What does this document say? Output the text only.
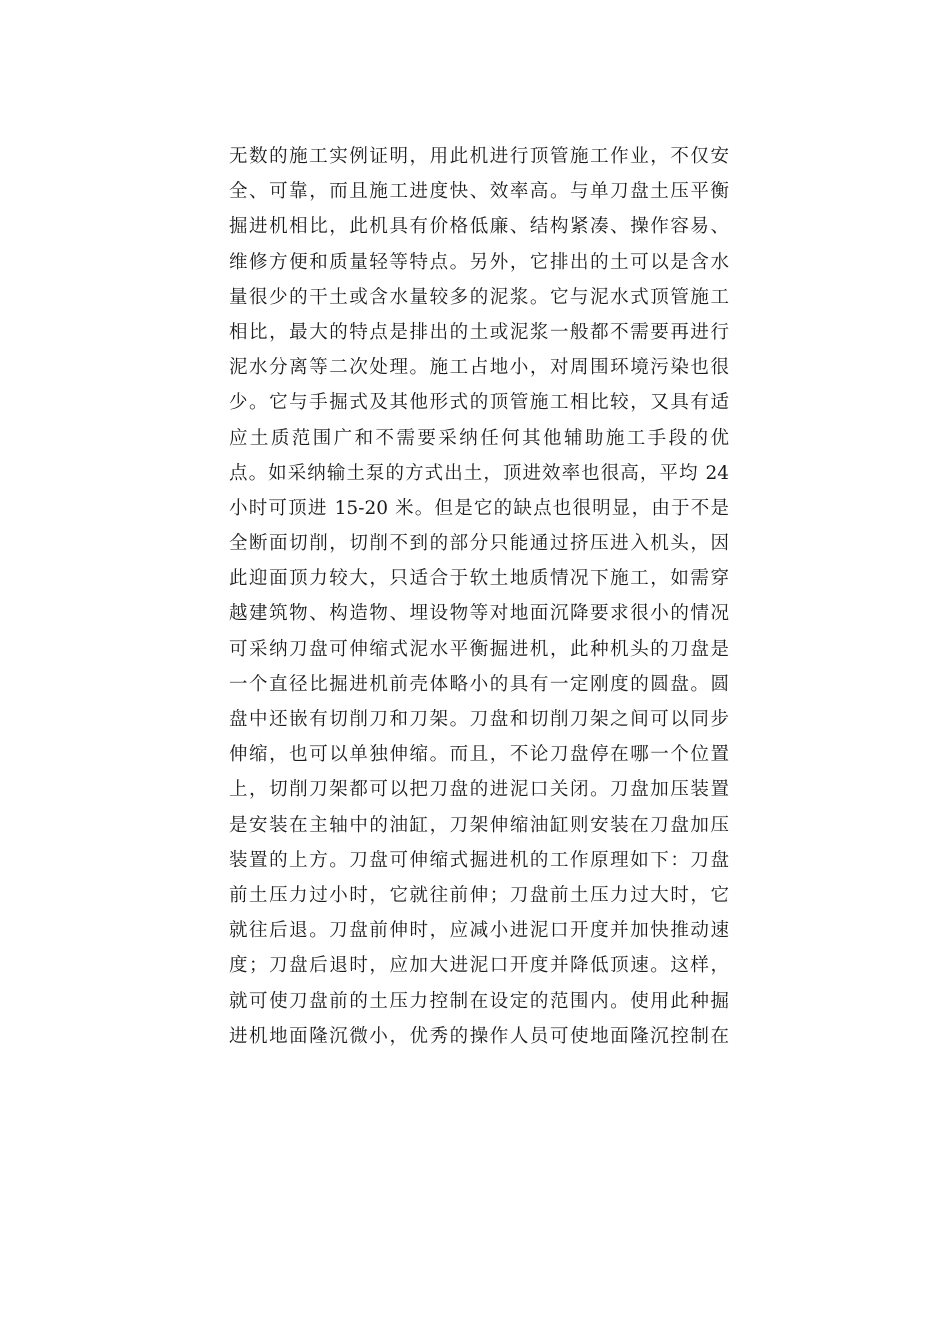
无数的施工实例证明，用此机进行顶管施工作业，不仅安
全、可靠，而且施工进度快、效率高。与单刀盘土压平衡
掘进机相比，此机具有价格低廉、结构紧凑、操作容易、
维修方便和质量轻等特点。另外，它排出的土可以是含水
量很少的干土或含水量较多的泥浆。它与泥水式顶管施工
相比，最大的特点是排出的土或泥浆一般都不需要再进行
泥水分离等二次处理。施工占地小，对周围环境污染也很
少。它与手掘式及其他形式的顶管施工相比较，又具有适
应土质范围广和不需要采纳任何其他辅助施工手段的优
点。如采纳输土泵的方式出土，顶进效率也很高，平均 24
小时可顶进 15-20 米。但是它的缺点也很明显，由于不是
全断面切削，切削不到的部分只能通过挤压进入机头，因
此迎面顶力较大，只适合于软土地质情况下施工，如需穿
越建筑物、构造物、埋设物等对地面沉降要求很小的情况
可采纳刀盘可伸缩式泥水平衡掘进机，此种机头的刀盘是
一个直径比掘进机前壳体略小的具有一定刚度的圆盘。圆
盘中还嵌有切削刀和刀架。刀盘和切削刀架之间可以同步
伸缩，也可以单独伸缩。而且，不论刀盘停在哪一个位置
上，切削刀架都可以把刀盘的进泥口关闭。刀盘加压装置
是安装在主轴中的油缸，刀架伸缩油缸则安装在刀盘加压
装置的上方。刀盘可伸缩式掘进机的工作原理如下：刀盘
前土压力过小时，它就往前伸；刀盘前土压力过大时，它
就往后退。刀盘前伸时，应减小进泥口开度并加快推动速
度；刀盘后退时，应加大进泥口开度并降低顶速。这样，
就可使刀盘前的土压力控制在设定的范围内。使用此种掘
进机地面隆沉微小，优秀的操作人员可使地面隆沉控制在
